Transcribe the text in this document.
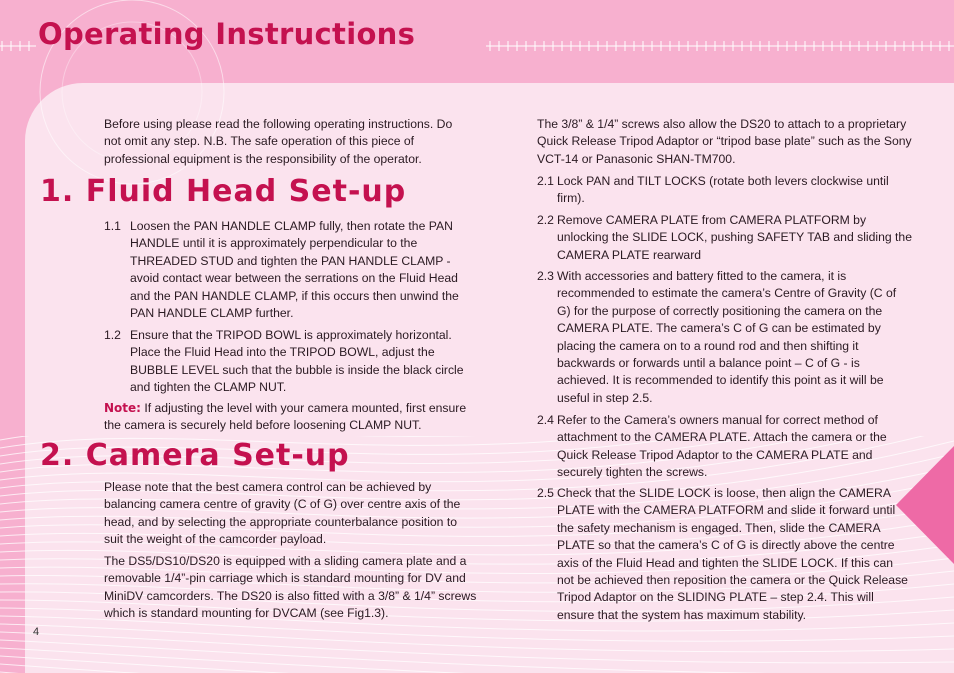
Operating Instructions

Before using please read the following operating instructions. Do not omit any step. N.B. The safe operation of this piece of professional equipment is the responsibility of the operator.

1. Fluid Head Set-up
1.1 Loosen the PAN HANDLE CLAMP fully, then rotate the PAN HANDLE until it is approximately perpendicular to the THREADED STUD and tighten the PAN HANDLE CLAMP - avoid contact wear between the serrations on the Fluid Head and the PAN HANDLE CLAMP, if this occurs then unwind the PAN HANDLE CLAMP further.
1.2 Ensure that the TRIPOD BOWL is approximately horizontal. Place the Fluid Head into the TRIPOD BOWL, adjust the BUBBLE LEVEL such that the bubble is inside the black circle and tighten the CLAMP NUT.

Note: If adjusting the level with your camera mounted, first ensure the camera is securely held before loosening CLAMP NUT.

2. Camera Set-up

Please note that the best camera control can be achieved by balancing camera centre of gravity (C of G) over centre axis of the head, and by selecting the appropriate counterbalance position to suit the weight of the camcorder payload.

The DS5/DS10/DS20 is equipped with a sliding camera plate and a removable 1/4”-pin carriage which is standard mounting for DV and MiniDV camcorders. The DS20 is also fitted with a 3/8” & 1/4” screws which is standard mounting for DVCAM (see Fig1.3).

The 3/8” & 1/4” screws also allow the DS20 to attach to a proprietary Quick Release Tripod Adaptor or “tripod base plate” such as the Sony VCT-14 or Panasonic SHAN-TM700.

2.1 Lock PAN and TILT LOCKS (rotate both levers clockwise until firm).
2.2 Remove CAMERA PLATE from CAMERA PLATFORM by unlocking the SLIDE LOCK, pushing SAFETY TAB and sliding the CAMERA PLATE rearward
2.3 With accessories and battery fitted to the camera, it is recommended to estimate the camera’s Centre of Gravity (C of G) for the purpose of correctly positioning the camera on the CAMERA PLATE. The camera’s C of G can be estimated by placing the camera on to a round rod and then shifting it backwards or forwards until a balance point – C of G - is achieved. It is recommended to identify this point as it will be useful in step 2.5.
2.4 Refer to the Camera’s owners manual for correct method of attachment to the CAMERA PLATE. Attach the camera or the Quick Release Tripod Adaptor to the CAMERA PLATE and securely tighten the screws.
2.5 Check that the SLIDE LOCK is loose, then align the CAMERA PLATE with the CAMERA PLATFORM and slide it forward until the safety mechanism is engaged. Then, slide the CAMERA PLATE so that the camera’s C of G is directly above the centre axis of the Fluid Head and tighten the SLIDE LOCK. If this can not be achieved then reposition the camera or the Quick Release Tripod Adaptor on the SLIDING PLATE – step 2.4. This will ensure that the system has maximum stability.
4
